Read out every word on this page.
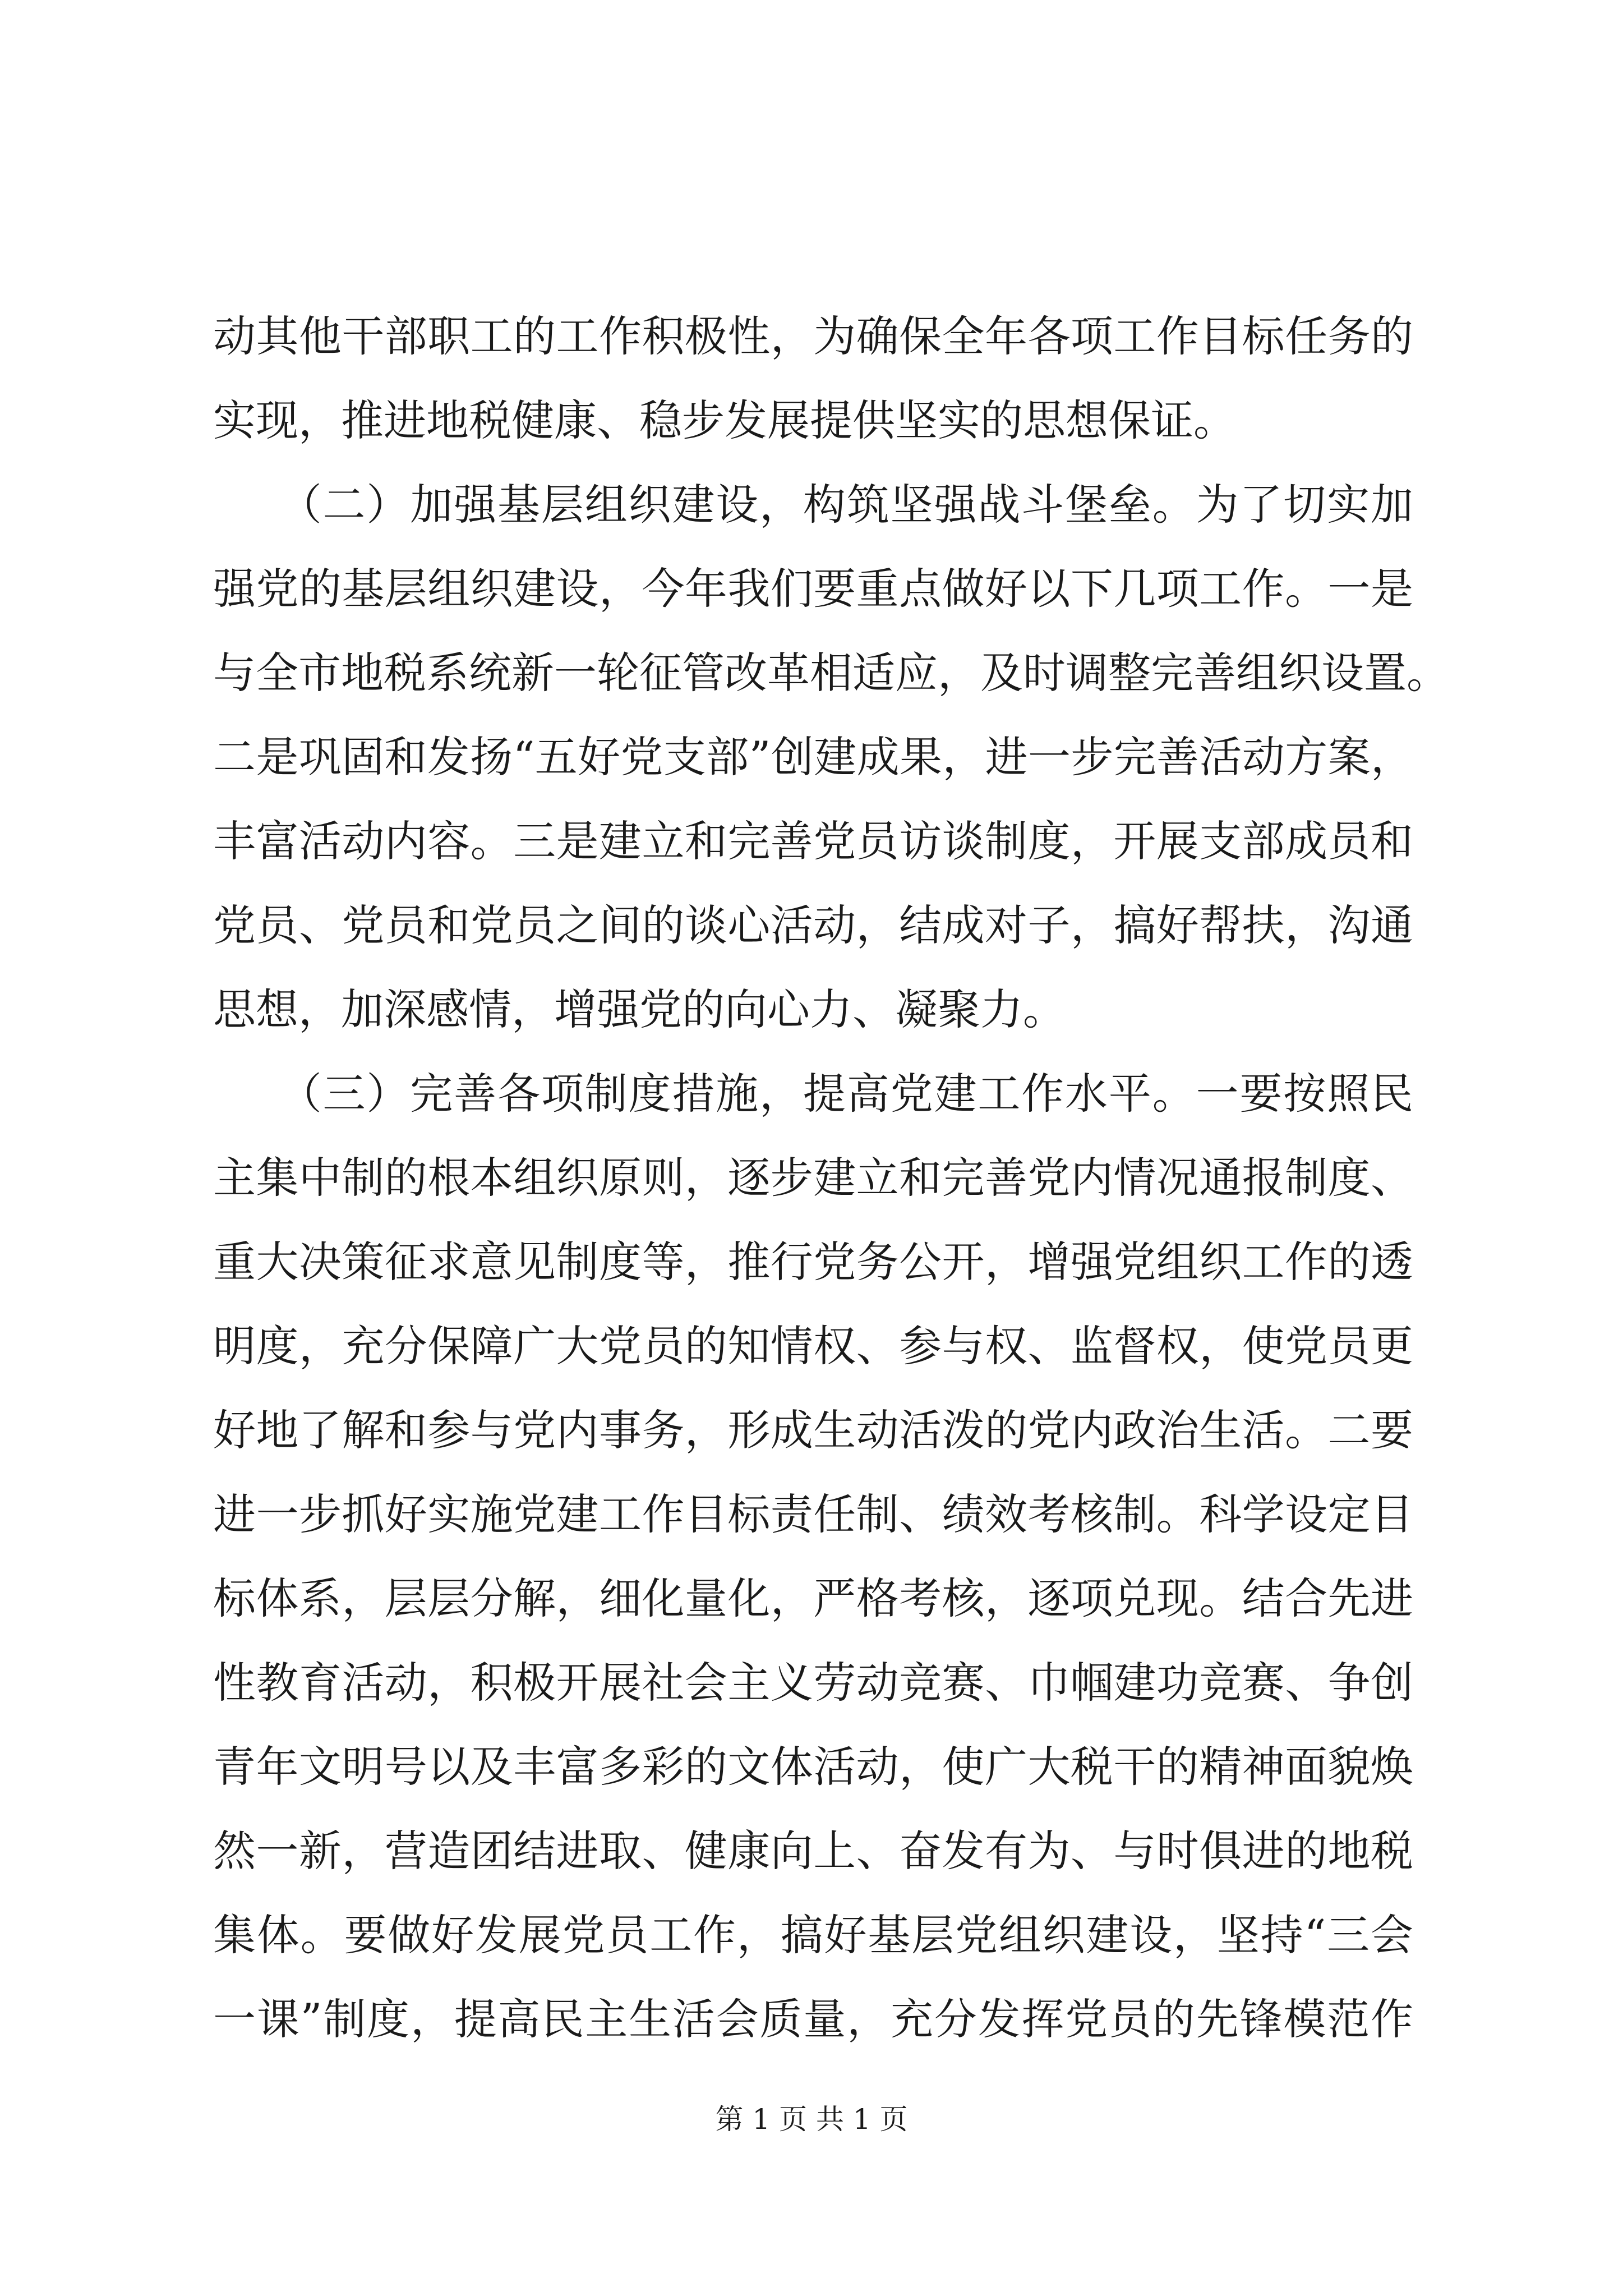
动其他干部职工的工作积极性，为确保全年各项工作目标任务的
实现，推进地税健康、稳步发展提供坚实的思想保证。
　　（二）加强基层组织建设，构筑坚强战斗堡垒。为了切实加
强党的基层组织建设，今年我们要重点做好以下几项工作。一是
与全市地税系统新一轮征管改革相适应，及时调整完善组织设置。
二是巩固和发扬“五好党支部”创建成果，进一步完善活动方案，
丰富活动内容。三是建立和完善党员访谈制度，开展支部成员和
党员、党员和党员之间的谈心活动，结成对子，搞好帮扶，沟通
思想，加深感情，增强党的向心力、凝聚力。
　　（三）完善各项制度措施，提高党建工作水平。一要按照民
主集中制的根本组织原则，逐步建立和完善党内情况通报制度、
重大决策征求意见制度等，推行党务公开，增强党组织工作的透
明度，充分保障广大党员的知情权、参与权、监督权，使党员更
好地了解和参与党内事务，形成生动活泼的党内政治生活。二要
进一步抓好实施党建工作目标责任制、绩效考核制。科学设定目
标体系，层层分解，细化量化，严格考核，逐项兑现。结合先进
性教育活动，积极开展社会主义劳动竞赛、巾帼建功竞赛、争创
青年文明号以及丰富多彩的文体活动，使广大税干的精神面貌焕
然一新，营造团结进取、健康向上、奋发有为、与时俱进的地税
集体。要做好发展党员工作，搞好基层党组织建设，坚持“三会
一课”制度，提高民主生活会质量，充分发挥党员的先锋模范作
第 1 页 共 1 页
